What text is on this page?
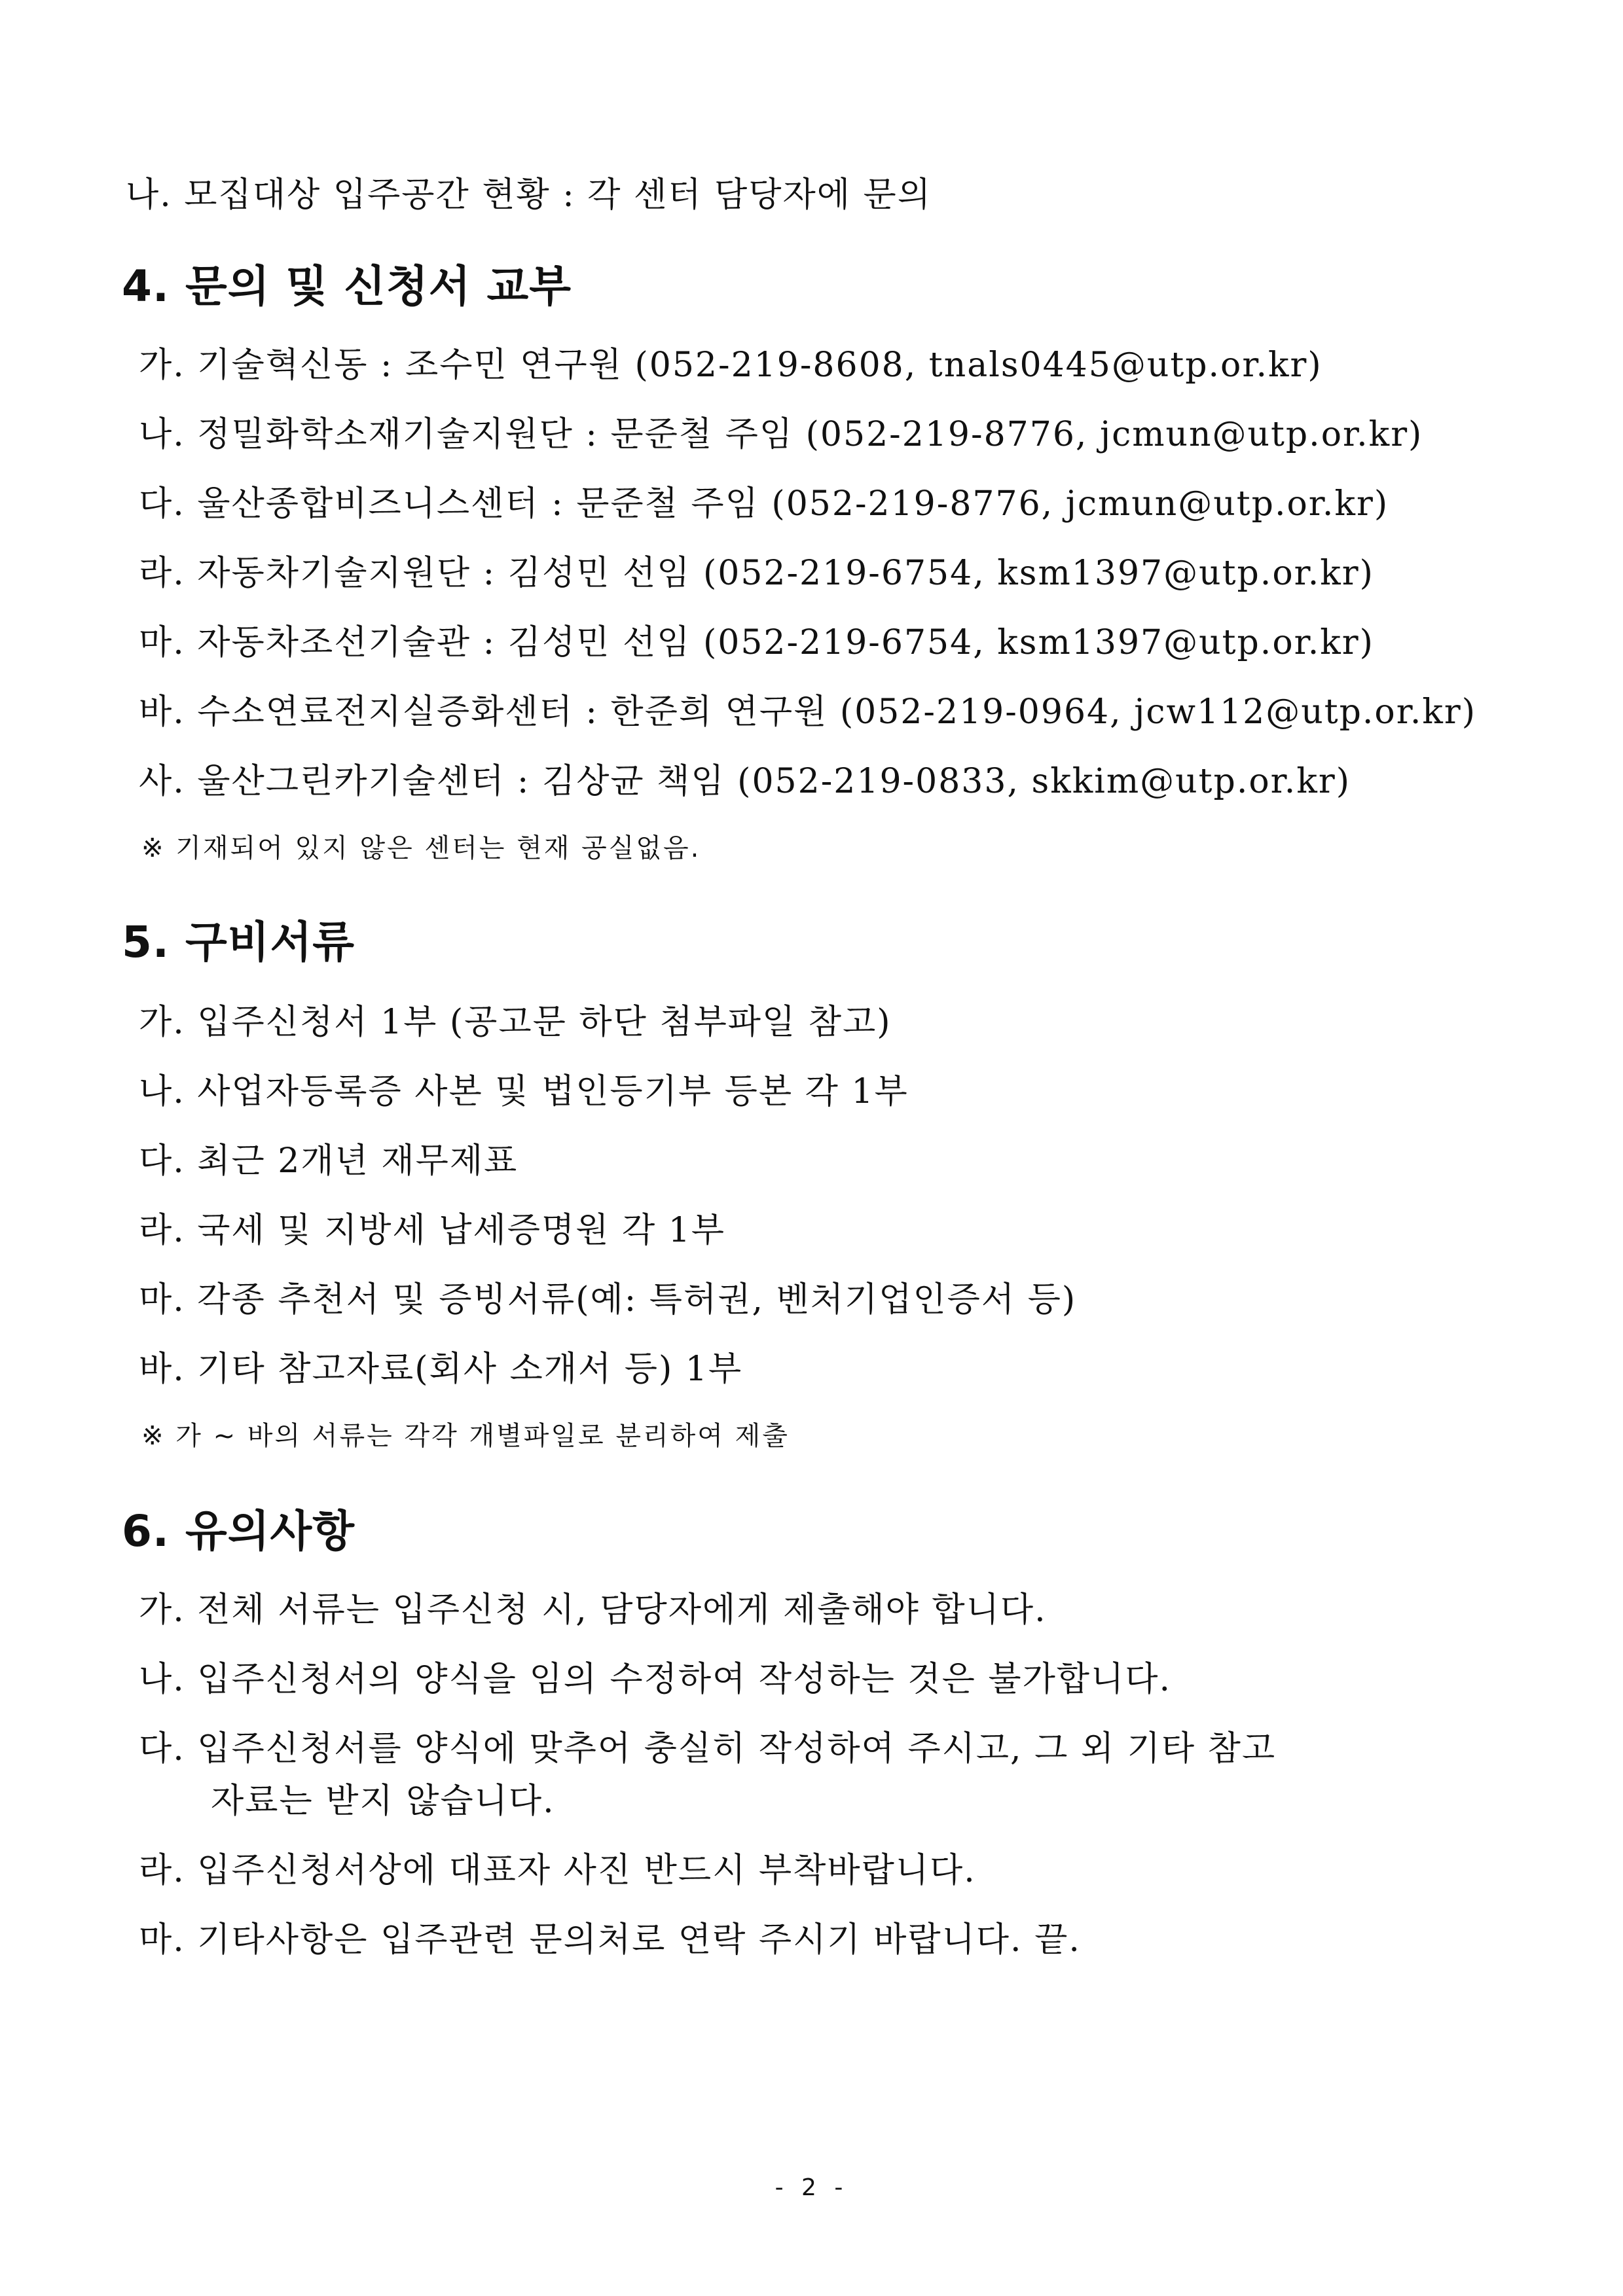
나. 모집대상 입주공간 현황 : 각 센터 담당자에 문의
4. 문의 및 신청서 교부
가. 기술혁신동 : 조수민 연구원 (052-219-8608, tnals0445@utp.or.kr)
나. 정밀화학소재기술지원단 : 문준철 주임 (052-219-8776, jcmun@utp.or.kr)
다. 울산종합비즈니스센터 : 문준철 주임 (052-219-8776, jcmun@utp.or.kr)
라. 자동차기술지원단 : 김성민 선임 (052-219-6754, ksm1397@utp.or.kr)
마. 자동차조선기술관 : 김성민 선임 (052-219-6754, ksm1397@utp.or.kr)
바. 수소연료전지실증화센터 : 한준희 연구원 (052-219-0964, jcw112@utp.or.kr)
사. 울산그린카기술센터 : 김상균 책임 (052-219-0833, skkim@utp.or.kr)
※ 기재되어 있지 않은 센터는 현재 공실없음.
5. 구비서류
가. 입주신청서 1부 (공고문 하단 첨부파일 참고)
나. 사업자등록증 사본 및 법인등기부 등본 각 1부
다. 최근 2개년 재무제표
라. 국세 및 지방세 납세증명원 각 1부
마. 각종 추천서 및 증빙서류(예: 특허권, 벤처기업인증서 등)
바. 기타 참고자료(회사 소개서 등) 1부
※ 가 ~ 바의 서류는 각각 개별파일로 분리하여 제출
6. 유의사항
가. 전체 서류는 입주신청 시, 담당자에게 제출해야 합니다.
나. 입주신청서의 양식을 임의 수정하여 작성하는 것은 불가합니다.
다. 입주신청서를 양식에 맞추어 충실히 작성하여 주시고, 그 외 기타 참고
자료는 받지 않습니다.
라. 입주신청서상에 대표자 사진 반드시 부착바랍니다.
마. 기타사항은 입주관련 문의처로 연락 주시기 바랍니다. 끝.
- 2 -
